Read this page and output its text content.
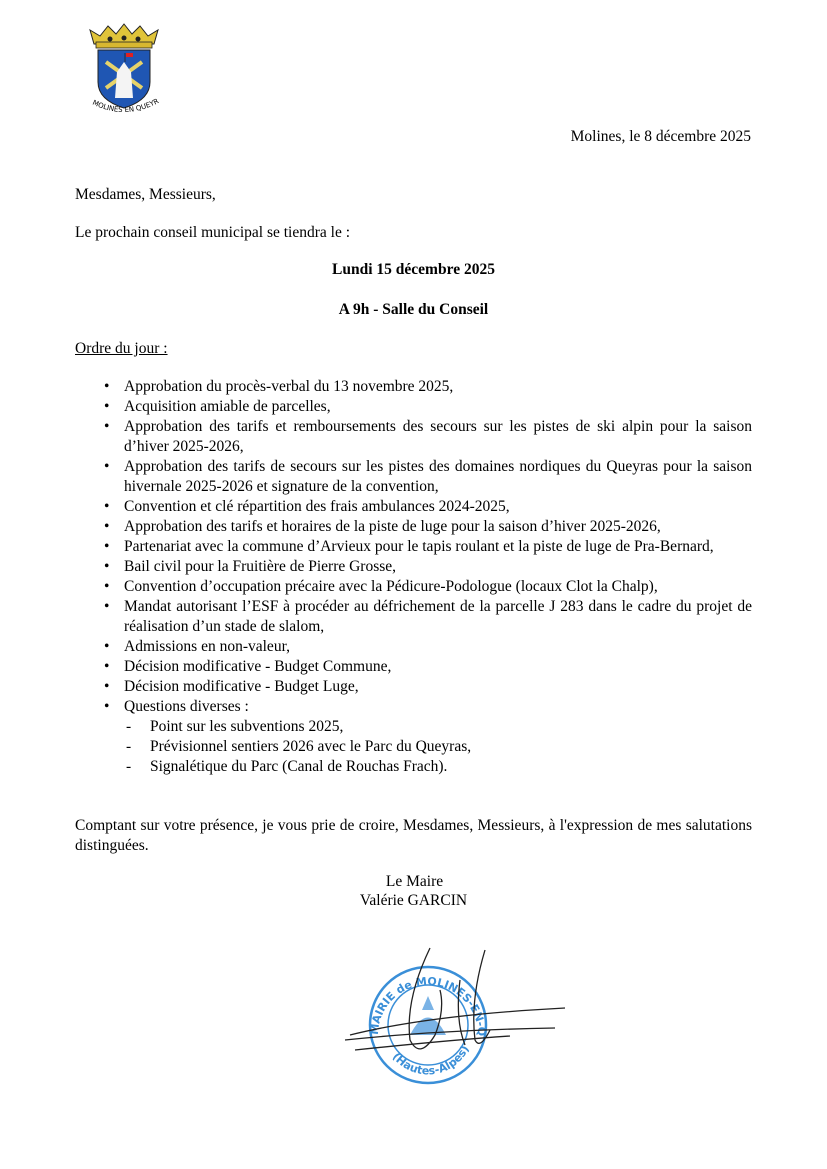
MOLINES EN QUEYR
Molines, le 8 décembre 2025
Mesdames, Messieurs,
Le prochain conseil municipal se tiendra le :
Lundi 15 décembre 2025
A 9h - Salle du Conseil
Ordre du jour :
• Approbation du procès-verbal du 13 novembre 2025,
• Acquisition amiable de parcelles,
• Approbation des tarifs et remboursements des secours sur les pistes de ski alpin pour la saison d’hiver 2025-2026,
• Approbation des tarifs de secours sur les pistes des domaines nordiques du Queyras pour la saison hivernale 2025-2026 et signature de la convention,
• Convention et clé répartition des frais ambulances 2024-2025,
• Approbation des tarifs et horaires de la piste de luge pour la saison d’hiver 2025-2026,
• Partenariat avec la commune d’Arvieux pour le tapis roulant et la piste de luge de Pra-Bernard,
• Bail civil pour la Fruitière de Pierre Grosse,
• Convention d’occupation précaire avec la Pédicure-Podologue (locaux Clot la Chalp),
• Mandat autorisant l’ESF à procéder au défrichement de la parcelle J 283 dans le cadre du projet de réalisation d’un stade de slalom,
• Admissions en non-valeur,
• Décision modificative - Budget Commune,
• Décision modificative - Budget Luge,
• Questions diverses :
- Point sur les subventions 2025,
- Prévisionnel sentiers 2026 avec le Parc du Queyras,
- Signalétique du Parc (Canal de Rouchas Frach).
Comptant sur votre présence, je vous prie de croire, Mesdames, Messieurs, à l'expression de mes salutations distinguées.
Le Maire
Valérie GARCIN
MAIRIE de MOLINES-EN-Q
(Hautes-Alpes)
